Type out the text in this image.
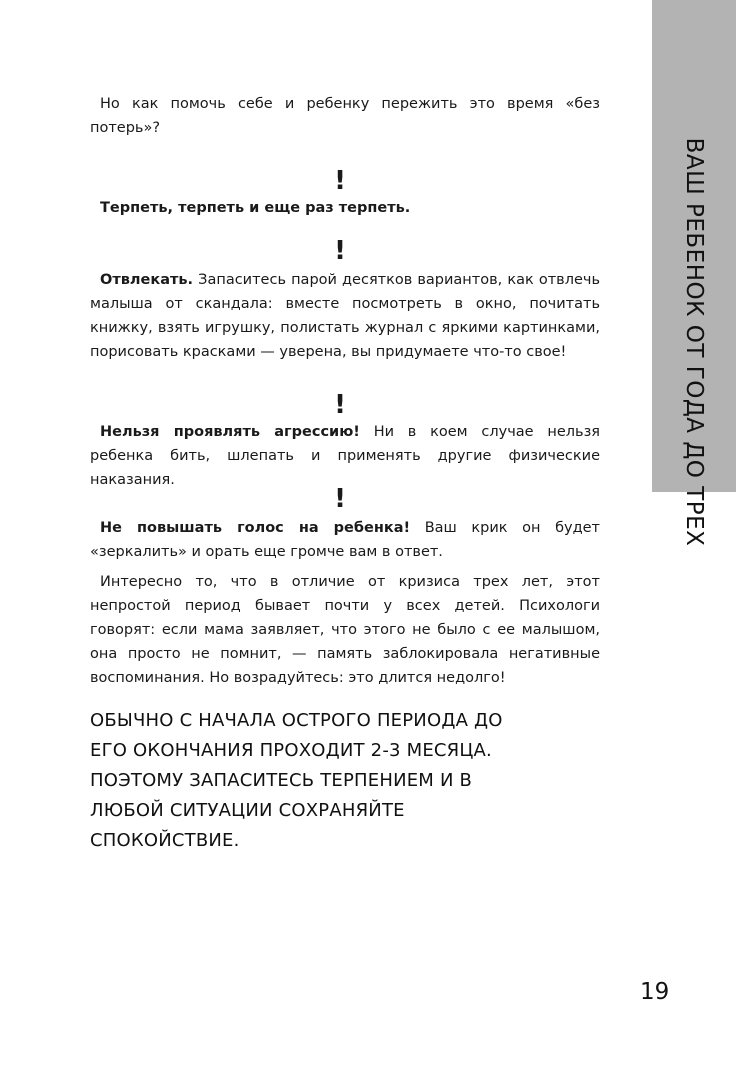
ВАШ РЕБЕНОК ОТ ГОДА ДО ТРЕХ

Но как помочь себе и ребенку пережить это время «без потерь»?

!

Терпеть, терпеть и еще раз терпеть.

!

Отвлекать. Запаситесь парой десятков вариантов, как отвлечь малыша от скандала: вместе посмотреть в окно, почитать книжку, взять игрушку, полистать журнал с яркими картинками, порисовать красками — уверена, вы придумаете что-то свое!

!

Нельзя проявлять агрессию! Ни в коем случае нельзя ребенка бить, шлепать и применять другие физические наказания.

!

Не повышать голос на ребенка! Ваш крик он будет «зеркалить» и орать еще громче вам в ответ.

Интересно то, что в отличие от кризиса трех лет, этот непростой период бывает почти у всех детей. Психологи говорят: если мама заявляет, что этого не было с ее малышом, она просто не помнит, — память заблокировала негативные воспоминания. Но возрадуйтесь: это длится недолго!

ОБЫЧНО С НАЧАЛА ОСТРОГО ПЕРИОДА ДО ЕГО ОКОНЧАНИЯ ПРОХОДИТ 2-3 МЕСЯЦА. ПОЭТОМУ ЗАПАСИТЕСЬ ТЕРПЕНИЕМ И В ЛЮБОЙ СИТУАЦИИ СОХРАНЯЙТЕ СПОКОЙСТВИЕ.

19
